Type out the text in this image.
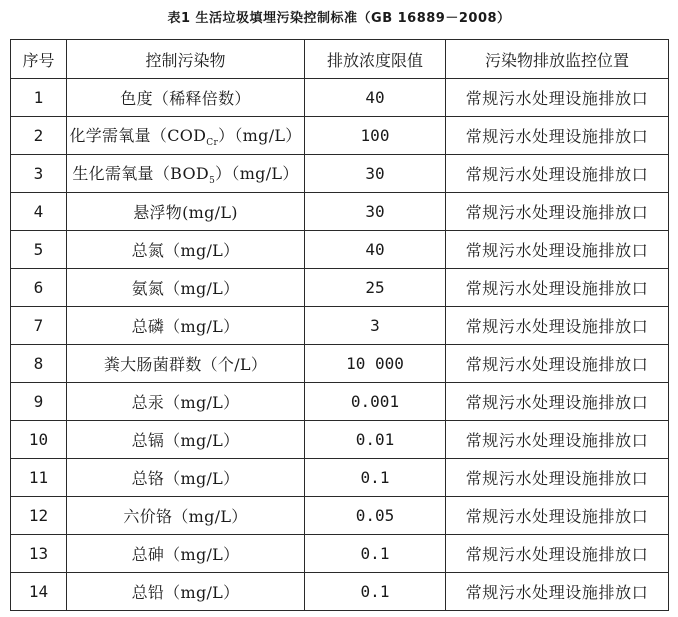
表1 生活垃圾填埋污染控制标准（GB 16889－2008）
序号	控制污染物	排放浓度限值	污染物排放监控位置
1	色度（稀释倍数）	40	常规污水处理设施排放口
2	化学需氧量$(COD_{Cr})(mg/L)$	100	常规污水处理设施排放口
3	生化需氧量$(BOD_5)(mg/L)$	30	常规污水处理设施排放口
4	悬浮物(mg/L)	30	常规污水处理设施排放口
5	总氮（mg/L）	40	常规污水处理设施排放口
6	氨氮（mg/L）	25	常规污水处理设施排放口
7	总磷（mg/L）	3	常规污水处理设施排放口
8	粪大肠菌群数（个/L）	10 000	常规污水处理设施排放口
9	总汞（mg/L）	0.001	常规污水处理设施排放口
10	总镉（mg/L）	0.01	常规污水处理设施排放口
11	总铬（mg/L）	0.1	常规污水处理设施排放口
12	六价铬（mg/L）	0.05	常规污水处理设施排放口
13	总砷（mg/L）	0.1	常规污水处理设施排放口
14	总铅（mg/L）	0.1	常规污水处理设施排放口
